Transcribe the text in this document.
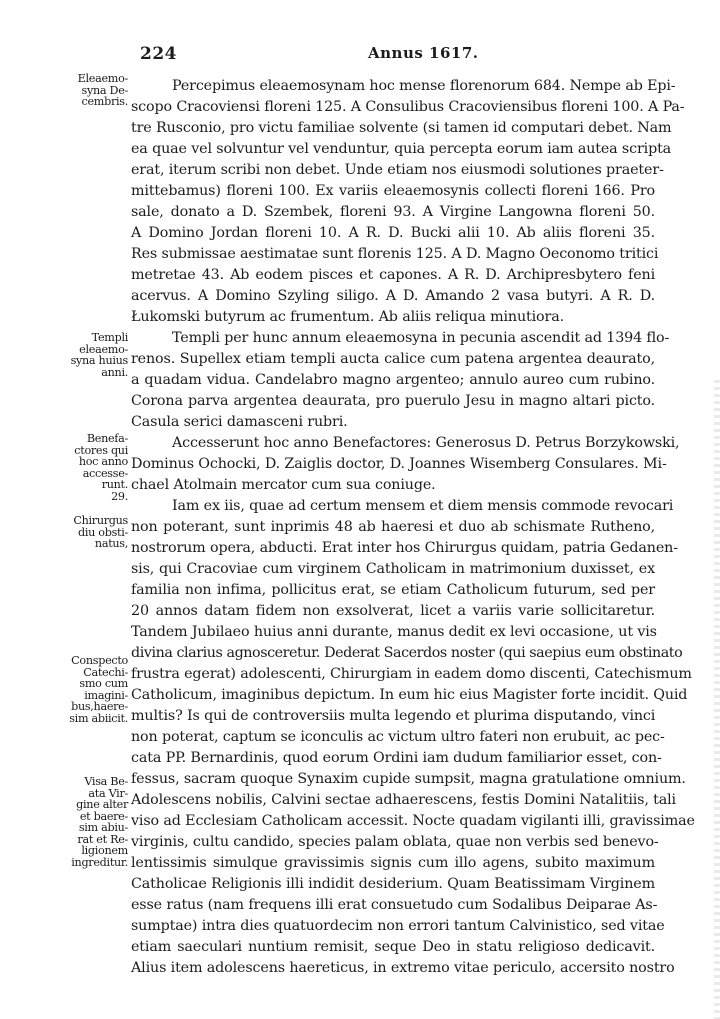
224	Annus 1617.
Eleaemo-
syna De-
cembris.
Templi
eleaemo-
syna huius
anni.
Benefa-
ctores qui
hoc anno
accesse-
runt.
29.
Chirurgus
diu obsti-
natus,
Conspecto
Catechi-
smo cum
imagini-
bus,haere-
sim abiicit.
Visa Be-
ata Vir-
gine alter
et baere-
sim abiu-
rat et Re-
ligionem
ingreditur.
Percepimus eleaemosynam hoc mense florenorum 684. Nempe ab Epi-
scopo Cracoviensi floreni 125. A Consulibus Cracoviensibus floreni 100. A Pa-
tre Rusconio, pro victu familiae solvente (si tamen id computari debet. Nam
ea quae vel solvuntur vel venduntur, quia percepta eorum iam autea scripta
erat, iterum scribi non debet. Unde etiam nos eiusmodi solutiones praeter-
mittebamus) floreni 100. Ex variis eleaemosynis collecti floreni 166. Pro
sale, donato a D. Szembek, floreni 93. A Virgine Langowna floreni 50.
A Domino Jordan floreni 10. A R. D. Bucki alii 10. Ab aliis floreni 35.
Res submissae aestimatae sunt florenis 125. A D. Magno Oeconomo tritici
metretae 43. Ab eodem pisces et capones. A R. D. Archipresbytero feni
acervus. A Domino Szyling siligo. A D. Amando 2 vasa butyri. A R. D.
Łukomski butyrum ac frumentum. Ab aliis reliqua minutiora.
Templi per hunc annum eleaemosyna in pecunia ascendit ad 1394 flo-
renos. Supellex etiam templi aucta calice cum patena argentea deaurato,
a quadam vidua. Candelabro magno argenteo; annulo aureo cum rubino.
Corona parva argentea deaurata, pro puerulo Jesu in magno altari picto.
Casula serici damasceni rubri.
Accesserunt hoc anno Benefactores: Generosus D. Petrus Borzykowski,
Dominus Ochocki, D. Zaiglis doctor, D. Joannes Wisemberg Consulares. Mi-
chael Atolmain mercator cum sua coniuge.
Iam ex iis, quae ad certum mensem et diem mensis commode revocari
non poterant, sunt inprimis 48 ab haeresi et duo ab schismate Rutheno,
nostrorum opera, abducti. Erat inter hos Chirurgus quidam, patria Gedanen-
sis, qui Cracoviae cum virginem Catholicam in matrimonium duxisset, ex
familia non infima, pollicitus erat, se etiam Catholicum futurum, sed per
20 annos datam fidem non exsolverat, licet a variis varie sollicitaretur.
Tandem Jubilaeo huius anni durante, manus dedit ex levi occasione, ut vis
divina clarius agnosceretur. Dederat Sacerdos noster (qui saepius eum obstinato
frustra egerat) adolescenti, Chirurgiam in eadem domo discenti, Catechismum
Catholicum, imaginibus depictum. In eum hic eius Magister forte incidit. Quid
multis? Is qui de controversiis multa legendo et plurima disputando, vinci
non poterat, captum se iconculis ac victum ultro fateri non erubuit, ac pec-
cata PP. Bernardinis, quod eorum Ordini iam dudum familiarior esset, con-
fessus, sacram quoque Synaxim cupide sumpsit, magna gratulatione omnium.
Adolescens nobilis, Calvini sectae adhaerescens, festis Domini Natalitiis, tali
viso ad Ecclesiam Catholicam accessit. Nocte quadam vigilanti illi, gravissimae
virginis, cultu candido, species palam oblata, quae non verbis sed benevo-
lentissimis simulque gravissimis signis cum illo agens, subito maximum
Catholicae Religionis illi indidit desiderium. Quam Beatissimam Virginem
esse ratus (nam frequens illi erat consuetudo cum Sodalibus Deiparae As-
sumptae) intra dies quatuordecim non errori tantum Calvinistico, sed vitae
etiam saeculari nuntium remisit, seque Deo in statu religioso dedicavit.
Alius item adolescens haereticus, in extremo vitae periculo, accersito nostro
